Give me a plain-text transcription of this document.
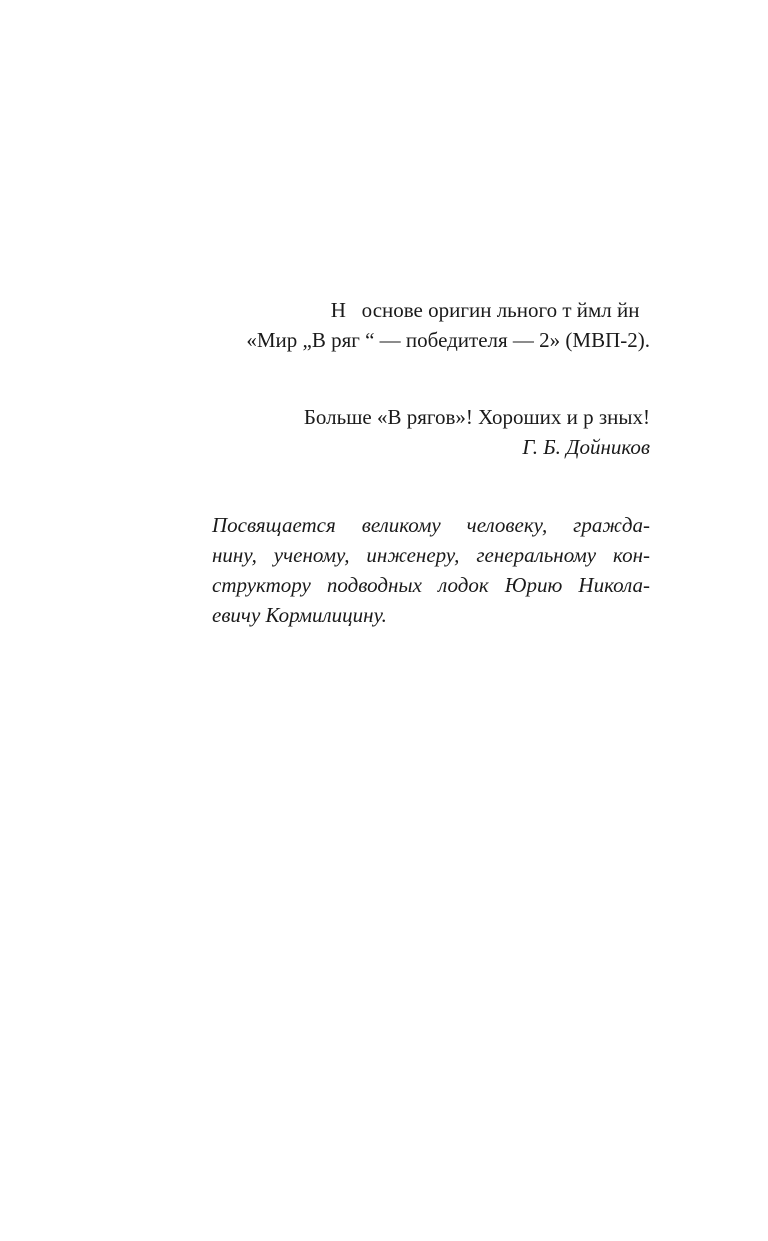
Н   основе оригин льного т ймл йн
«Мир „В ряг “ — победителя — 2» (МВП-2).
Больше «В рягов»! Хороших и р зных!
Г. Б. Дойников
Посвящается великому человеку, гражда-
нину, ученому, инженеру, генеральному кон-
структору подводных лодок Юрию Никола-
евичу Кормилицину.
